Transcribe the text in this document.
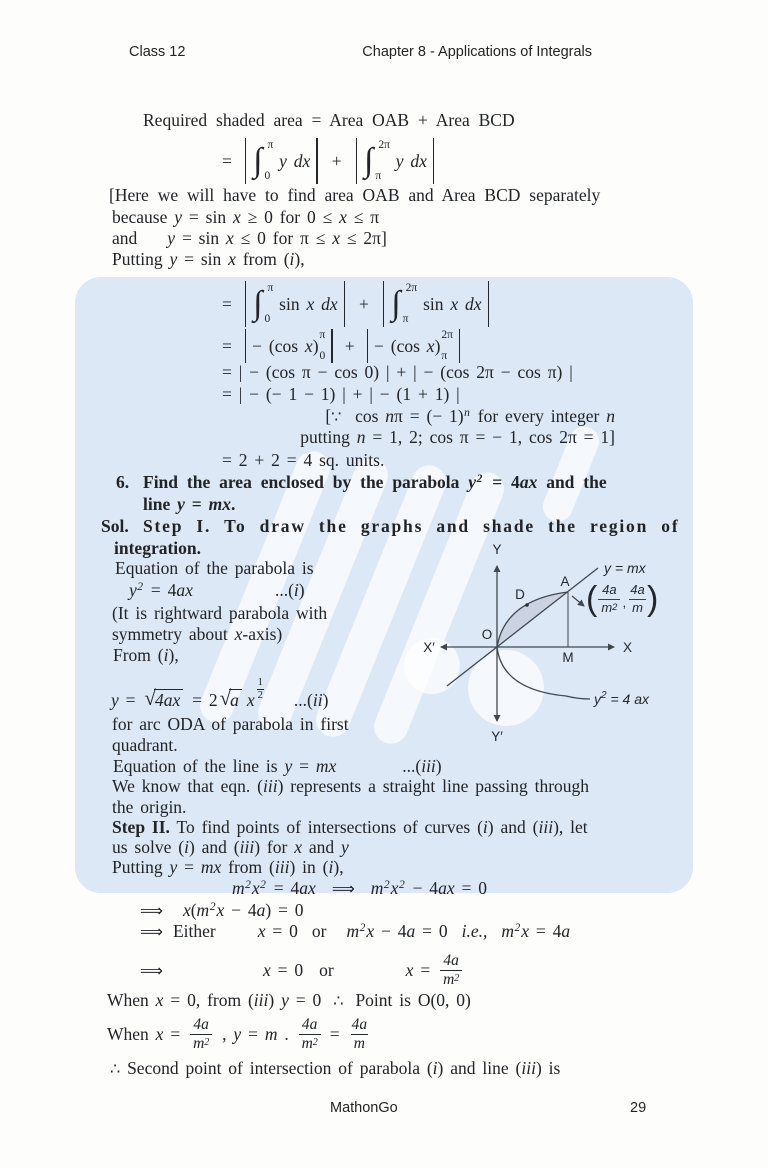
Class 12	Chapter 8 - Applications of Integrals
Required shaded area = Area OAB + Area BCD
= ∫ π
0
y dx + ∫ 2π
π
y dx
[Here we will have to find area OAB and Area BCD separately
because y = sin x ≥ 0 for 0 ≤ x ≤ π
and y = sin x ≤ 0 for π ≤ x ≤ 2π]
Putting y = sin x from (i),
= ∫ π
0
sin x dx + ∫ 2π
π
sin x dx
= − (cos x )
π
0
+ − (cos x )
2π
π
= | − (cos π − cos 0) | + | − (cos 2π − cos π) |
= | − (− 1 − 1) | + | − (1 + 1) |
[∵  cos nπ = (− 1)$^n$ for every integer n
putting n = 1, 2; cos π = − 1, cos 2π = 1]
= 2 + 2 = 4 sq. units.
6. Find the area enclosed by the parabola $y^2 = 4ax$ and the
line y = mx.
Sol. Step I. To draw the graphs and shade the region of
integration.
Equation of the parabola is
$y^2 = 4ax$	...(i)
(It is rightward parabola with
symmetry about x-axis)
From (i),
y = √ 4ax = 2 √ a x
1
2 ...( ii )
for arc ODA of parabola in first
quadrant.
Equation of the line is y = mx	...(iii)
We know that eqn. (iii) represents a straight line passing through
the origin.
Step II. To find points of intersections of curves (i) and (iii), let
us solve (i) and (iii) for x and y
Putting y = mx from (iii) in (i),
$m^2x^2 = 4ax$ ⟹ $m^2x^2 - 4ax = 0$
⟹ $x(m^2x - 4a) = 0$
⟹ Either x = 0 or $m^2x - 4a = 0$ i.e., $m^2x = 4a$
⟹	x = 0 or	$x = \frac{4a}{m2}$
When x = 0, from (iii) y = 0 ∴ Point is O(0, 0)
When $x = \frac{4a}{m2}$ , y = m . $\frac{4a}{m2} = \frac{4a}{m}$
∴ Second point of intersection of parabola (i) and line (iii) is
Y
Y′
X
X′
O
A
D
M
y = mx
$y^2 = 4$ ax
( $\frac{4a}{m2}$ , $\frac{4a}{m}$ )
MathonGo	29
